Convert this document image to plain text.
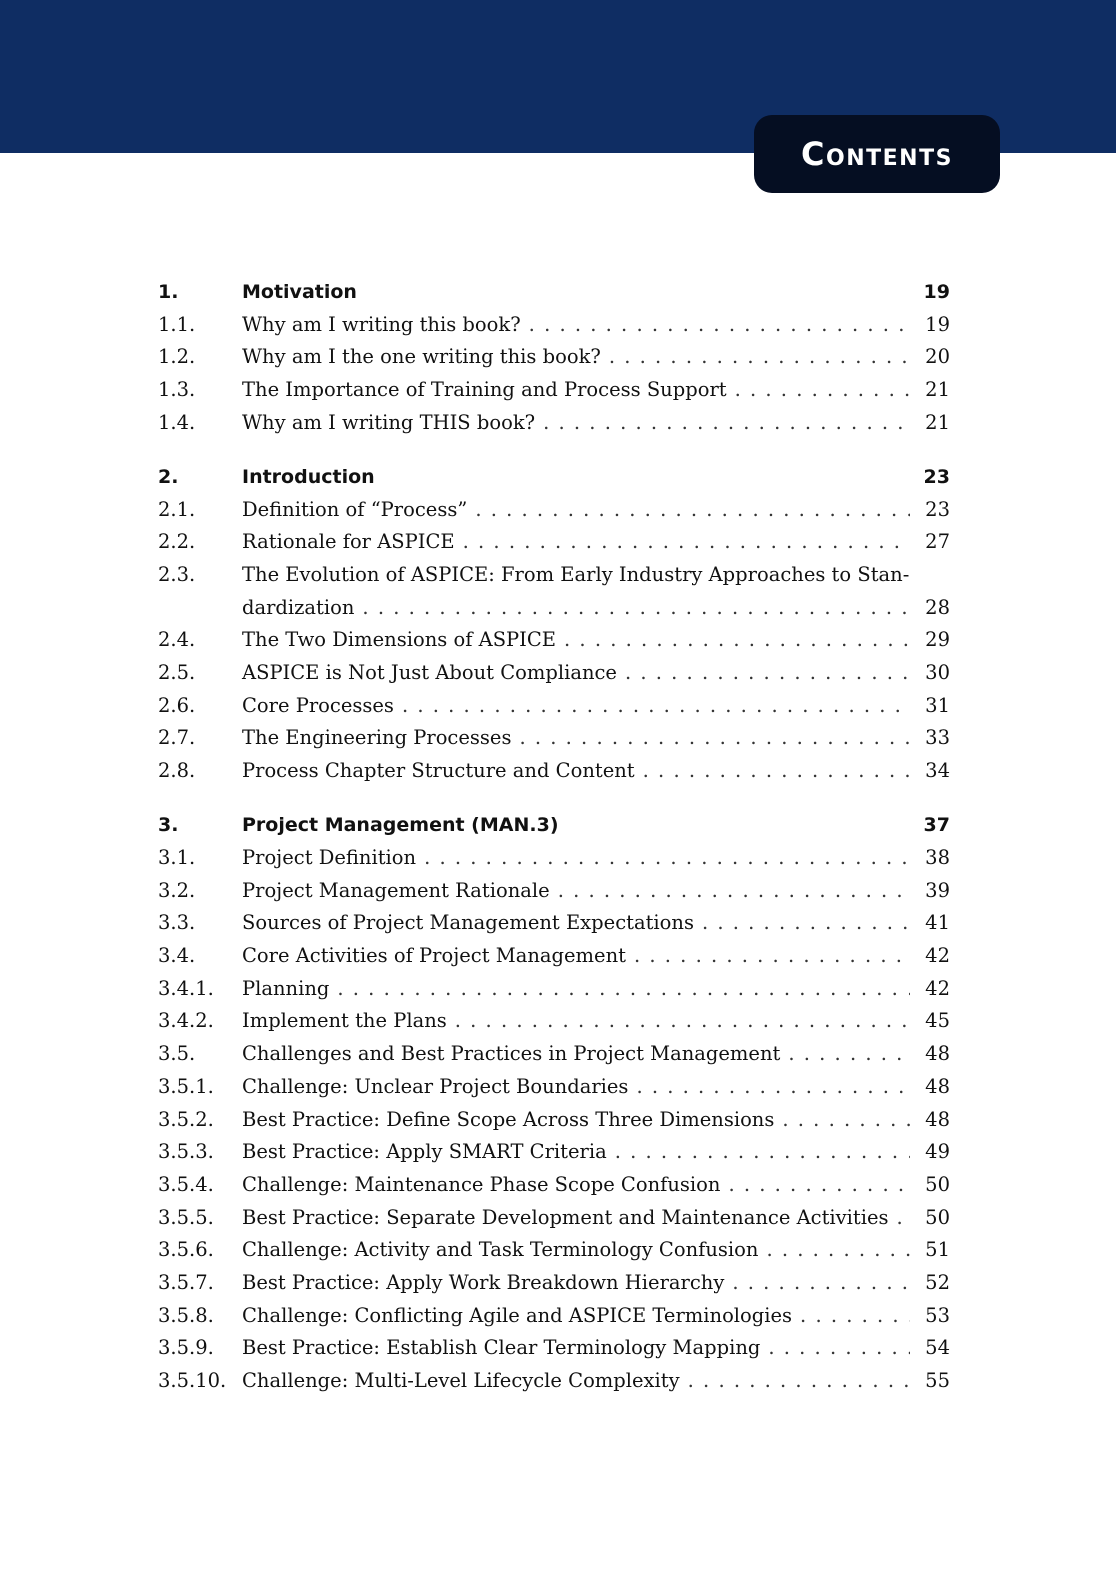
Contents
1.	Motivation	19
1.1.	Why am I writing this book? . . .	19
1.2.	Why am I the one writing this book? . . .	20
1.3.	The Importance of Training and Process Support . . .	21
1.4.	Why am I writing THIS book? . . .	21
2.	Introduction	23
2.1.	Definition of “Process” . . .	23
2.2.	Rationale for ASPICE . . .	27
2.3.	The Evolution of ASPICE: From Early Industry Approaches to Stan-
dardization . . .	28
2.4.	The Two Dimensions of ASPICE . . .	29
2.5.	ASPICE is Not Just About Compliance . . .	30
2.6.	Core Processes . . .	31
2.7.	The Engineering Processes . . .	33
2.8.	Process Chapter Structure and Content . . .	34
3.	Project Management (MAN.3)	37
3.1.	Project Definition . . .	38
3.2.	Project Management Rationale . . .	39
3.3.	Sources of Project Management Expectations . . .	41
3.4.	Core Activities of Project Management . . .	42
3.4.1.	Planning . . .	42
3.4.2.	Implement the Plans . . .	45
3.5.	Challenges and Best Practices in Project Management . . .	48
3.5.1.	Challenge: Unclear Project Boundaries . . .	48
3.5.2.	Best Practice: Define Scope Across Three Dimensions . . .	48
3.5.3.	Best Practice: Apply SMART Criteria . . .	49
3.5.4.	Challenge: Maintenance Phase Scope Confusion . . .	50
3.5.5.	Best Practice: Separate Development and Maintenance Activities . . . 50
3.5.6.	Challenge: Activity and Task Terminology Confusion . . .	51
3.5.7.	Best Practice: Apply Work Breakdown Hierarchy . . .	52
3.5.8.	Challenge: Conflicting Agile and ASPICE Terminologies . . .	53
3.5.9.	Best Practice: Establish Clear Terminology Mapping . . .	54
3.5.10. Challenge: Multi-Level Lifecycle Complexity . . .	55
